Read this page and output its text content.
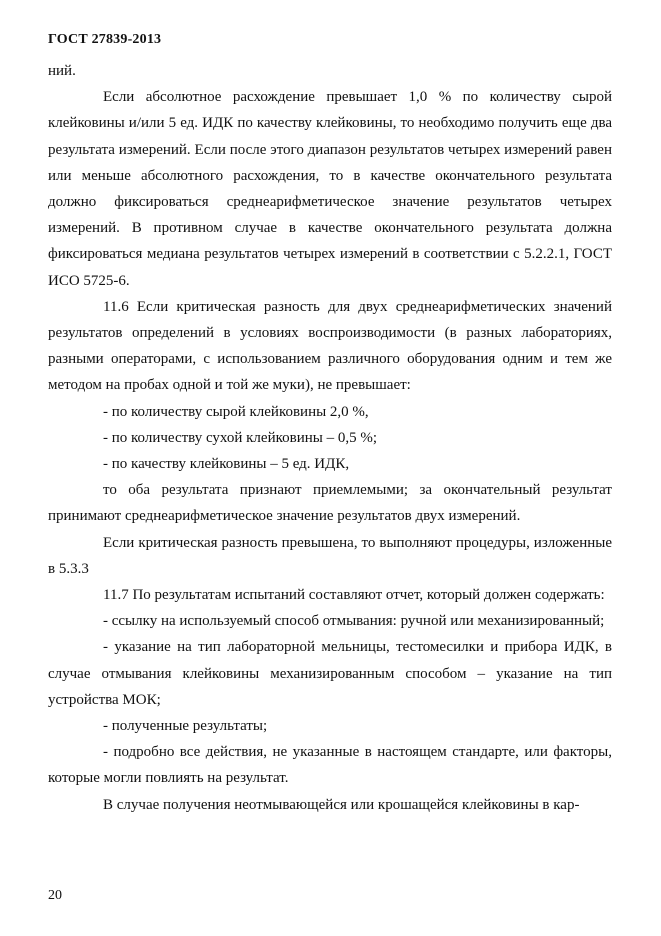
ГОСТ 27839-2013

ний.

Если абсолютное расхождение превышает 1,0 % по количеству сырой клейковины и/или 5 ед. ИДК по качеству клейковины, то необходимо получить еще два результата измерений. Если после этого диапазон результатов четырех измерений равен или меньше абсолютного расхождения, то в качестве окончательного результата должно фиксироваться среднеарифметическое значение результатов четырех измерений. В противном случае в качестве окончательного результата должна фиксироваться медиана результатов четырех измерений в соответствии с 5.2.2.1, ГОСТ ИСО 5725-6.

11.6 Если критическая разность для двух среднеарифметических значений результатов определений в условиях воспроизводимости (в разных лабораториях, разными операторами, с использованием различного оборудования одним и тем же методом на пробах одной и той же муки), не превышает:

- по количеству сырой клейковины 2,0 %,

- по количеству сухой клейковины – 0,5 %;

- по качеству клейковины – 5 ед. ИДК,

то оба результата признают приемлемыми; за окончательный результат принимают среднеарифметическое значение результатов двух измерений.

Если критическая разность превышена, то выполняют процедуры, изложенные в 5.3.3

11.7 По результатам испытаний составляют отчет, который должен содержать:

- ссылку на используемый способ отмывания: ручной или механизированный;

- указание на тип лабораторной мельницы, тестомесилки и прибора ИДК, в случае отмывания клейковины механизированным способом – указание на тип устройства МОК;

- полученные результаты;

- подробно все действия, не указанные в настоящем стандарте, или факторы, которые могли повлиять на результат.

В случае получения неотмывающейся или крошащейся клейковины в кар-

20
